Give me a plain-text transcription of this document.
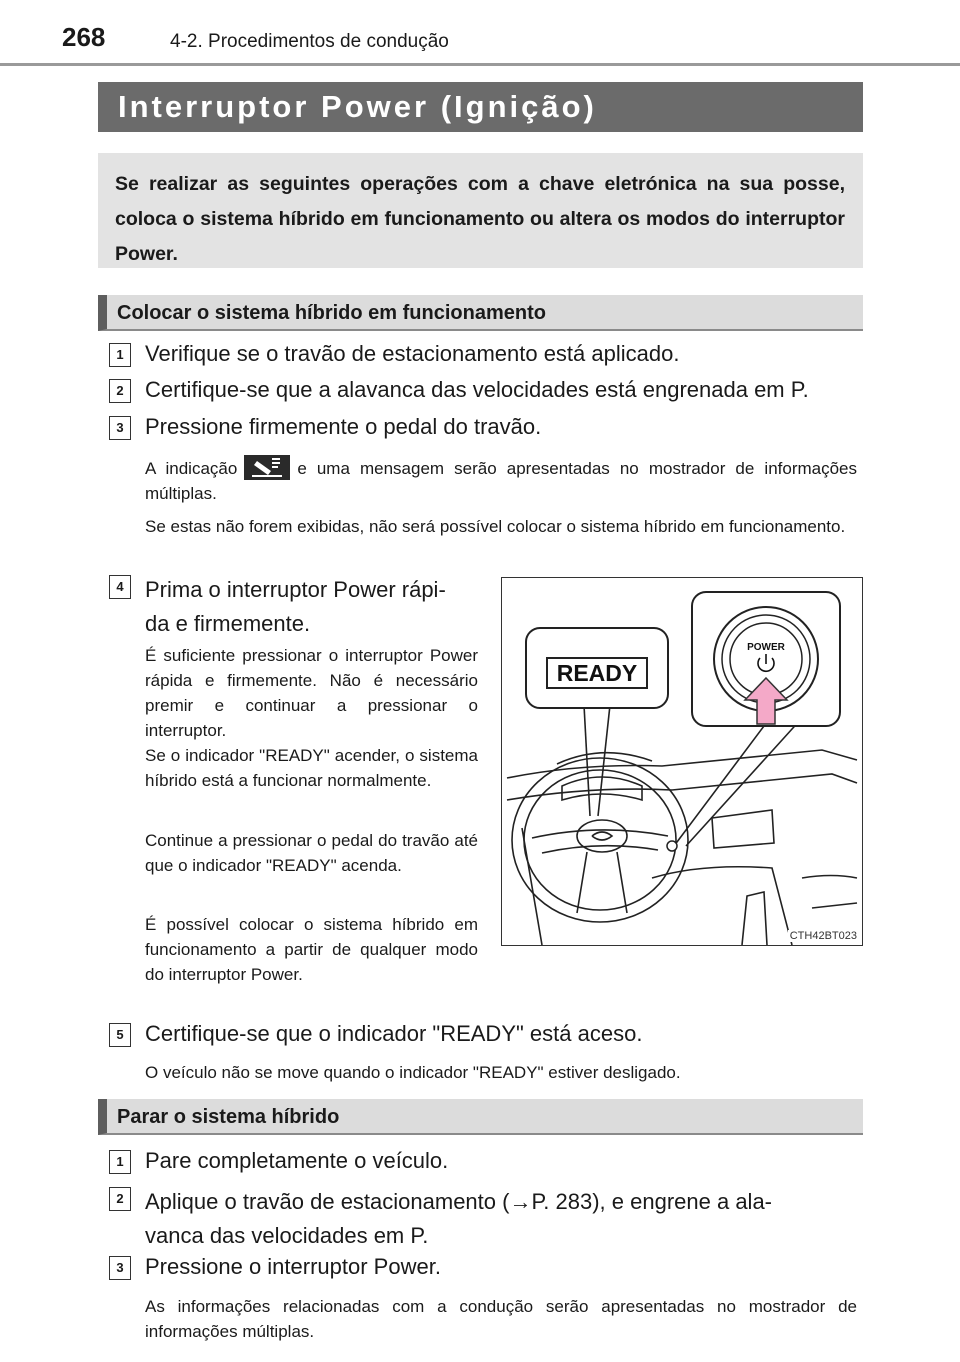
268	4-2. Procedimentos de condução
Interruptor Power (Ignição)
Se realizar as seguintes operações com a chave eletrónica na sua posse, coloca o sistema híbrido em funcionamento ou altera os modos do interruptor Power.
Colocar o sistema híbrido em funcionamento
1 Verifique se o travão de estacionamento está aplicado.
2 Certifique-se que a alavanca das velocidades está engrenada em P.
3 Pressione firmemente o pedal do travão.
A indicação	e uma mensagem serão apresentadas no mostrador de informações múltiplas.
Se estas não forem exibidas, não será possível colocar o sistema híbrido em funcionamento.
4 Prima o interruptor Power rápi-
da e firmemente.
É suficiente pressionar o interruptor Power rápida e firmemente. Não é necessário premir e continuar a pressionar o interruptor.
Se o indicador "READY" acender, o sistema híbrido está a funcionar normalmente.
Continue a pressionar o pedal do travão até que o indicador "READY" acenda.
É possível colocar o sistema híbrido em funcionamento a partir de qualquer modo do interruptor Power.
READY
POWER
CTH42BT023
5 Certifique-se que o indicador "READY" está aceso.
O veículo não se move quando o indicador "READY" estiver desligado.
Parar o sistema híbrido
1 Pare completamente o veículo.
2 Aplique o travão de estacionamento (→P. 283), e engrene a ala-
vanca das velocidades em P.
3 Pressione o interruptor Power.
As informações relacionadas com a condução serão apresentadas no mostrador de informações múltiplas.
